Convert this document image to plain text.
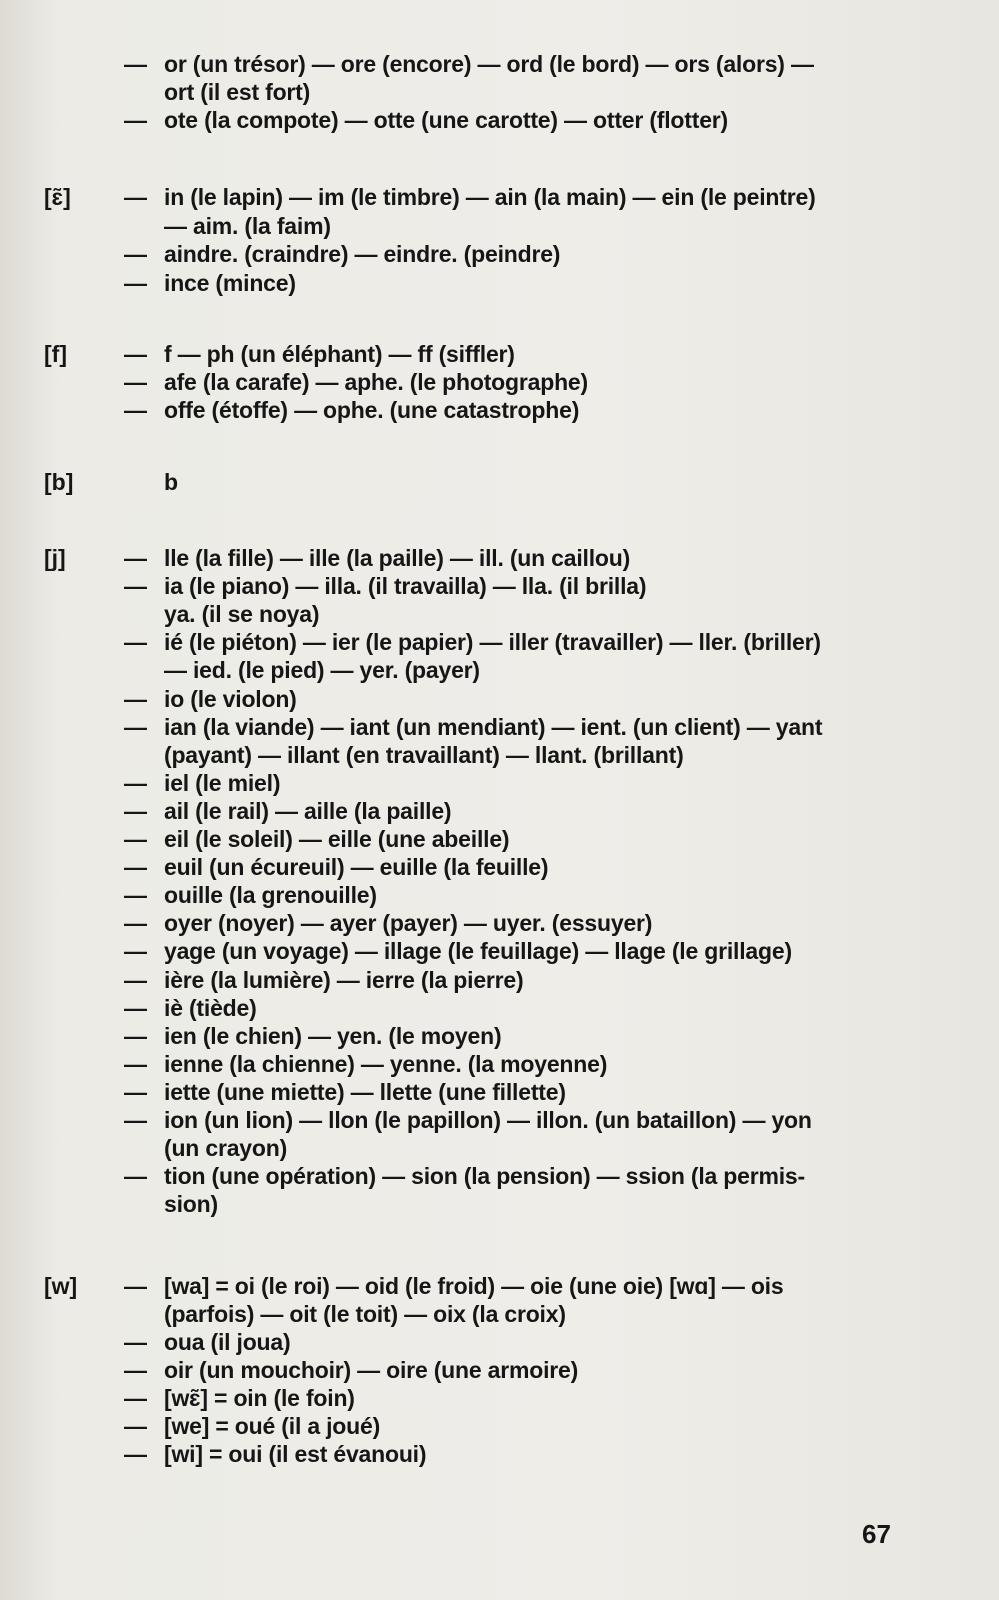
— or (un trésor) — ore (encore) — ord (le bord) — ors (alors) —
ort (il est fort)
— ote (la compote) — otte (une carotte) — otter (flotter)
[ɛ̃] — in (le lapin) — im (le timbre) — ain (la main) — ein (le peintre)
— aim. (la faim)
— aindre. (craindre) — eindre. (peindre)
— ince (mince)
[f] — f — ph (un éléphant) — ff (siffler)
— afe (la carafe) — aphe. (le photographe)
— offe (étoffe) — ophe. (une catastrophe)
[b]	b
[j]	— lle (la fille) — ille (la paille) — ill. (un caillou)
— ia (le piano) — illa. (il travailla) — lla. (il brilla)
ya. (il se noya)
— ié (le piéton) — ier (le papier) — iller (travailler) — ller. (briller)
— ied. (le pied) — yer. (payer)
— io (le violon)
— ian (la viande) — iant (un mendiant) — ient. (un client) — yant
(payant) — illant (en travaillant) — llant. (brillant)
— iel (le miel)
— ail (le rail) — aille (la paille)
— eil (le soleil) — eille (une abeille)
— euil (un écureuil) — euille (la feuille)
— ouille (la grenouille)
— oyer (noyer) — ayer (payer) — uyer. (essuyer)
— yage (un voyage) — illage (le feuillage) — llage (le grillage)
— ière (la lumière) — ierre (la pierre)
— iè (tiède)
— ien (le chien) — yen. (le moyen)
— ienne (la chienne) — yenne. (la moyenne)
— iette (une miette) — llette (une fillette)
— ion (un lion) — llon (le papillon) — illon. (un bataillon) — yon
(un crayon)
— tion (une opération) — sion (la pension) — ssion (la permis-
sion)
[w] — [wa] = oi (le roi) — oid (le froid) — oie (une oie) [wɑ] — ois
(parfois) — oit (le toit) — oix (la croix)
— oua (il joua)
— oir (un mouchoir) — oire (une armoire)
— [wɛ̃] = oin (le foin)
— [we] = oué (il a joué)
— [wi] = oui (il est évanoui)
67
